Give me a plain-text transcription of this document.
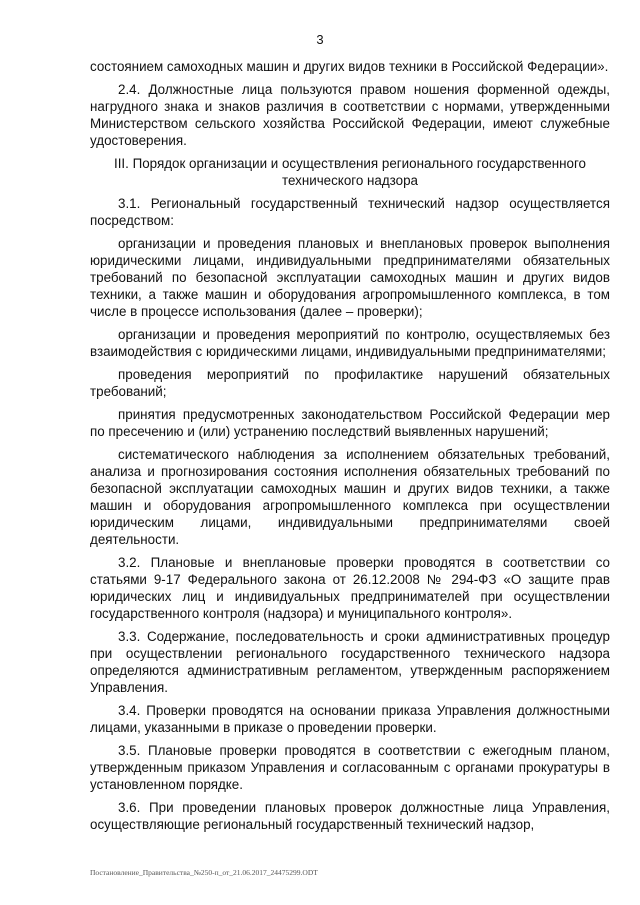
3

состоянием самоходных машин и других видов техники в Российской Федерации».

2.4. Должностные лица пользуются правом ношения форменной одежды, нагрудного знака и знаков различия в соответствии с нормами, утвержденными Министерством сельского хозяйства Российской Федерации, имеют служебные удостоверения.

III. Порядок организации и осуществления регионального государственного технического надзора

3.1. Региональный государственный технический надзор осуществляется посредством:

организации и проведения плановых и внеплановых проверок выполнения юридическими лицами, индивидуальными предпринимателями обязательных требований по безопасной эксплуатации самоходных машин и других видов техники, а также машин и оборудования агропромышленного комплекса, в том числе в процессе использования (далее – проверки);

организации и проведения мероприятий по контролю, осуществляемых без взаимодействия с юридическими лицами, индивидуальными предпринимателями;

проведения мероприятий по профилактике нарушений обязательных требований;

принятия предусмотренных законодательством Российской Федерации мер по пресечению и (или) устранению последствий выявленных нарушений;

систематического наблюдения за исполнением обязательных требований, анализа и прогнозирования состояния исполнения обязательных требований по безопасной эксплуатации самоходных машин и других видов техники, а также машин и оборудования агропромышленного комплекса при осуществлении юридическим лицами, индивидуальными предпринимателями своей деятельности.

3.2. Плановые и внеплановые проверки проводятся в соответствии со статьями 9-17 Федерального закона от 26.12.2008 № 294-ФЗ «О защите прав юридических лиц и индивидуальных предпринимателей при осуществлении государственного контроля (надзора) и муниципального контроля».

3.3. Содержание, последовательность и сроки административных процедур при осуществлении регионального государственного технического надзора определяются административным регламентом, утвержденным распоряжением Управления.

3.4. Проверки проводятся на основании приказа Управления должностными лицами, указанными в приказе о проведении проверки.

3.5. Плановые проверки проводятся в соответствии с ежегодным планом, утвержденным приказом Управления и согласованным с органами прокуратуры в установленном порядке.

3.6. При проведении плановых проверок должностные лица Управления, осуществляющие региональный государственный технический надзор,

Постановление_Правительства_№250-п_от_21.06.2017_24475299.ODT
